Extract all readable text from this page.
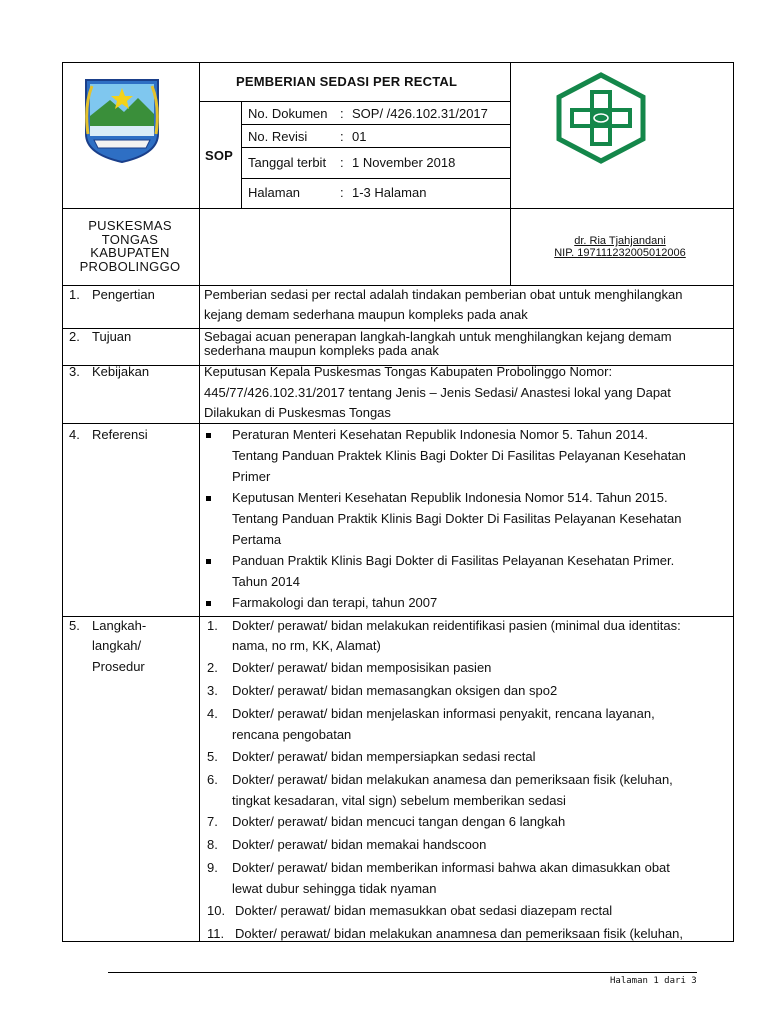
PEMBERIAN SEDASI PER RECTAL
SOP
No. Dokumen : SOP/ /426.102.31/2017
No. Revisi	: 01
Tanggal terbit : 1 November 2018
Halaman	: 1-3 Halaman
PUSKESMAS
TONGAS
KABUPATEN
PROBOLINGGO
dr. Ria Tjahjandani
NIP. 197111232005012006
1. Pengertian	Pemberian sedasi per rectal adalah tindakan pemberian obat untuk menghilangkan
kejang demam sederhana maupun kompleks pada anak
2. Tujuan	Sebagai acuan penerapan langkah-langkah untuk menghilangkan kejang demam
sederhana maupun kompleks pada anak
3. Kebijakan	Keputusan Kepala Puskesmas Tongas Kabupaten Probolinggo Nomor:
445/77/426.102.31/2017 tentang Jenis – Jenis Sedasi/ Anastesi lokal yang Dapat
Dilakukan di Puskesmas Tongas
4. Referensi	Peraturan Menteri Kesehatan Republik Indonesia Nomor 5. Tahun 2014.
Tentang Panduan Praktek Klinis Bagi Dokter Di Fasilitas Pelayanan Kesehatan
Primer
Keputusan Menteri Kesehatan Republik Indonesia Nomor 514. Tahun 2015.
Tentang Panduan Praktik Klinis Bagi Dokter Di Fasilitas Pelayanan Kesehatan
Pertama
Panduan Praktik Klinis Bagi Dokter di Fasilitas Pelayanan Kesehatan Primer.
Tahun 2014
Farmakologi dan terapi, tahun 2007
5. Langkah-
langkah/
Prosedur
1. Dokter/ perawat/ bidan melakukan reidentifikasi pasien (minimal dua identitas:
nama, no rm, KK, Alamat)
2. Dokter/ perawat/ bidan memposisikan pasien
3. Dokter/ perawat/ bidan memasangkan oksigen dan spo2
4. Dokter/ perawat/ bidan menjelaskan informasi penyakit, rencana layanan,
rencana pengobatan
5. Dokter/ perawat/ bidan mempersiapkan sedasi rectal
6. Dokter/ perawat/ bidan melakukan anamesa dan pemeriksaan fisik (keluhan,
tingkat kesadaran, vital sign) sebelum memberikan sedasi
7. Dokter/ perawat/ bidan mencuci tangan dengan 6 langkah
8. Dokter/ perawat/ bidan memakai handscoon
9. Dokter/ perawat/ bidan memberikan informasi bahwa akan dimasukkan obat
lewat dubur sehingga tidak nyaman
10. Dokter/ perawat/ bidan memasukkan obat sedasi diazepam rectal
11. Dokter/ perawat/ bidan melakukan anamnesa dan pemeriksaan fisik (keluhan,
Halaman 1 dari 3
